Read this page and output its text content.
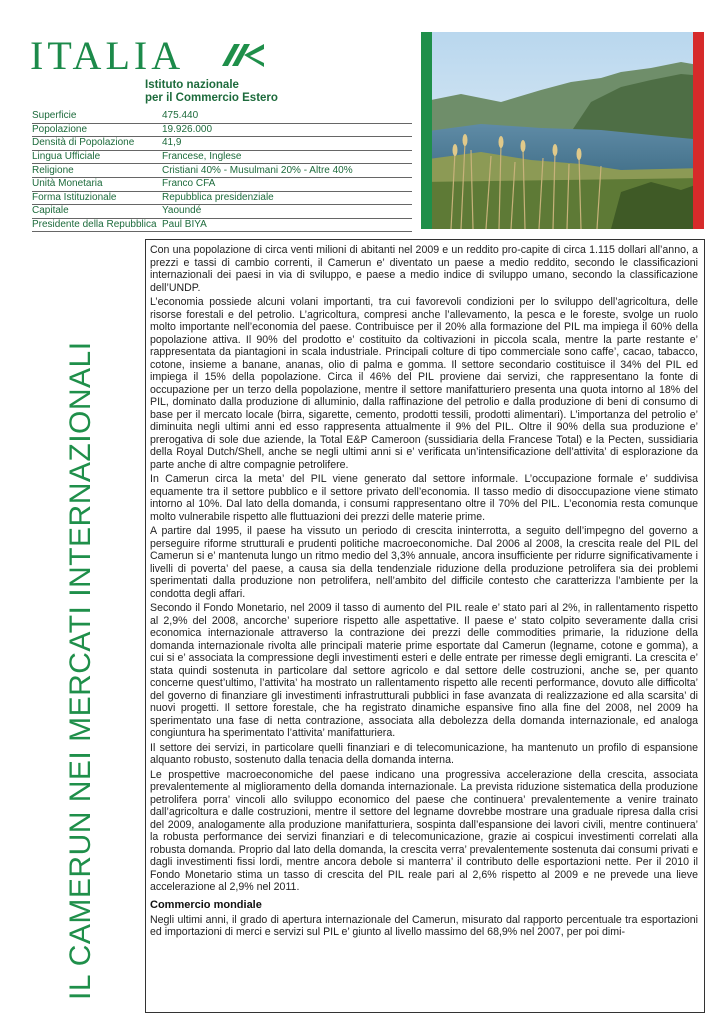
ITALIA
Istituto nazionale
per il Commercio Estero
Superficie	475.440
Popolazione	19.926.000
Densità di Popolazione	41,9
Lingua Ufficiale	Francese, Inglese
Religione	Cristiani 40% - Musulmani 20% - Altre 40%
Unità Monetaria	Franco CFA
Forma Istituzionale	Repubblica presidenziale
Capitale	Yaoundé
Presidente della Repubblica	Paul BIYA
IL CAMERUN NEI MERCATI INTERNAZIONALI

Con una popolazione di circa venti milioni di abitanti nel 2009 e un reddito pro-capite di circa 1.115 dollari all’anno, a prezzi e tassi di cambio correnti, il Camerun e’ diventato un paese a medio reddito, secondo le classificazioni internazionali dei paesi in via di sviluppo, e paese a medio indice di sviluppo umano, secondo la classificazione dell’UNDP.

L’economia possiede alcuni volani importanti, tra cui favorevoli condizioni per lo sviluppo dell’agricoltura, delle risorse forestali e del petrolio. L’agricoltura, compresi anche l’allevamento, la pesca e le foreste, svolge un ruolo molto importante nell’economia del paese. Contribuisce per il 20% alla formazione del PIL ma impiega il 60% della popolazione attiva. Il 90% del prodotto e’ costituito da coltivazioni in piccola scala, mentre la parte restante e’ rappresentata da piantagioni in scala industriale. Principali colture di tipo commerciale sono caffe’, cacao, tabacco, cotone, insieme a banane, ananas, olio di palma e gomma. Il settore secondario costituisce il 34% del PIL ed impiega il 15% della popolazione. Circa il 46% del PIL proviene dai servizi, che rappresentano la fonte di occupazione per un terzo della popolazione, mentre il settore manifatturiero presenta una quota intorno al 18% del PIL, dominato dalla produzione di alluminio, dalla raffinazione del petrolio e dalla produzione di beni di consumo di base per il mercato locale (birra, sigarette, cemento, prodotti tessili, prodotti alimentari). L’importanza del petrolio e’ diminuita negli ultimi anni ed esso rappresenta attualmente il 9% del PIL. Oltre il 90% della sua produzione e’ prerogativa di sole due aziende, la Total E&P Cameroon (sussidiaria della Francese Total) e la Pecten, sussidiaria della Royal Dutch/Shell, anche se negli ultimi anni si e’ verificata un’intensificazione dell’attivita’ di esplorazione da parte anche di altre compagnie petrolifere.

In Camerun circa la meta’ del PIL viene generato dal settore informale. L’occupazione formale e’ suddivisa equamente tra il settore pubblico e il settore privato dell’economia. Il tasso medio di disoccupazione viene stimato intorno al 10%. Dal lato della domanda, i consumi rappresentano oltre il 70% del PIL. L’economia resta comunque molto vulnerabile rispetto alle fluttuazioni dei prezzi delle materie prime.

A partire dal 1995, il paese ha vissuto un periodo di crescita ininterrotta, a seguito dell’impegno del governo a perseguire riforme strutturali e prudenti politiche macroeconomiche. Dal 2006 al 2008, la crescita reale del PIL del Camerun si e’ mantenuta lungo un ritmo medio del 3,3% annuale, ancora insufficiente per ridurre significativamente i livelli di poverta’ del paese, a causa sia della tendenziale riduzione della produzione petrolifera sia dei problemi sperimentati dalla produzione non petrolifera, nell’ambito del difficile contesto che caratterizza l’ambiente per la condotta degli affari.

Secondo il Fondo Monetario, nel 2009 il tasso di aumento del PIL reale e’ stato pari al 2%, in rallentamento rispetto al 2,9% del 2008, ancorche’ superiore rispetto alle aspettative. Il paese e’ stato colpito severamente dalla crisi economica internazionale attraverso la contrazione dei prezzi delle commodities primarie, la riduzione della domanda internazionale rivolta alle principali materie prime esportate dal Camerun (legname, cotone e gomma), a cui si e’ associata la compressione degli investimenti esteri e delle entrate per rimesse degli emigranti. La crescita e’ stata quindi sostenuta in particolare dal settore agricolo e dal settore delle costruzioni, anche se, per quanto concerne quest’ultimo, l’attivita’ ha mostrato un rallentamento rispetto alle recenti performance, dovuto alle difficolta’ del governo di finanziare gli investimenti infrastrutturali pubblici in fase avanzata di realizzazione ed alla scarsita’ di nuovi progetti. Il settore forestale, che ha registrato dinamiche espansive fino alla fine del 2008, nel 2009 ha sperimentato una fase di netta contrazione, associata alla debolezza della domanda internazionale, ed analoga congiuntura ha sperimentato l’attivita’ manifatturiera.

Il settore dei servizi, in particolare quelli finanziari e di telecomunicazione, ha mantenuto un profilo di espansione alquanto robusto, sostenuto dalla tenacia della domanda interna.

Le prospettive macroeconomiche del paese indicano una progressiva accelerazione della crescita, associata prevalentemente al miglioramento della domanda internazionale. La prevista riduzione sistematica della produzione petrolifera porra’ vincoli allo sviluppo economico del paese che continuera’ prevalentemente a venire trainato dall’agricoltura e dalle costruzioni, mentre il settore del legname dovrebbe mostrare una graduale ripresa dalla crisi del 2009, analogamente alla produzione manifatturiera, sospinta dall’espansione dei lavori civili, mentre continuera’ la robusta performance dei servizi finanziari e di telecomunicazione, grazie ai cospicui investimenti correlati alla robusta domanda. Proprio dal lato della domanda, la crescita verra’ prevalentemente sostenuta dai consumi privati e dagli investimenti fissi lordi, mentre ancora debole si manterra’ il contributo delle esportazioni nette. Per il 2010 il Fondo Monetario stima un tasso di crescita del PIL reale pari al 2,6% rispetto al 2009 e ne prevede una lieve accelerazione al 2,9% nel 2011.

Commercio mondiale

Negli ultimi anni, il grado di apertura internazionale del Camerun, misurato dal rapporto percentuale tra esportazioni ed importazioni di merci e servizi sul PIL e’ giunto al livello massimo del 68,9% nel 2007, per poi dimi-
